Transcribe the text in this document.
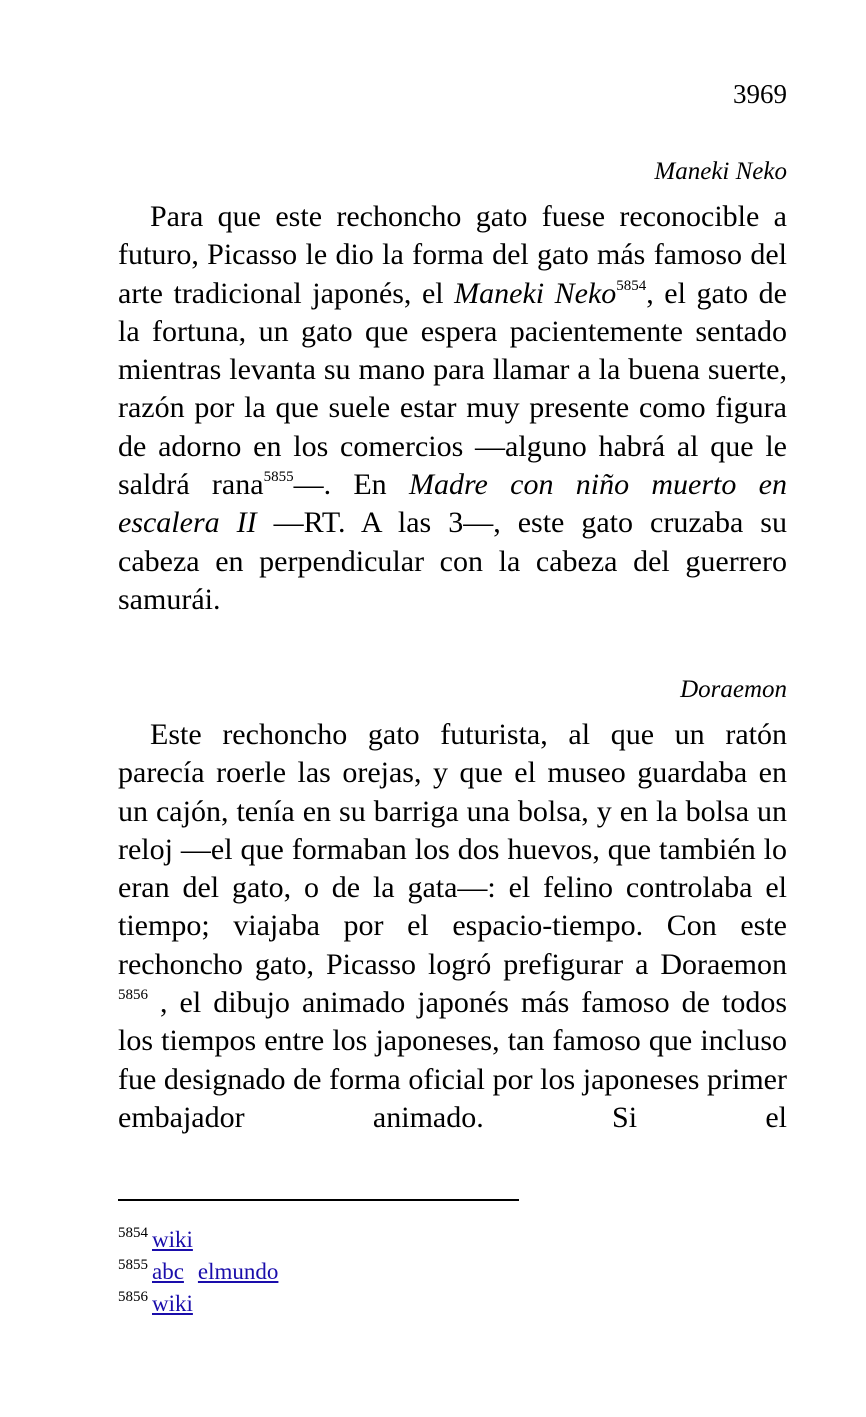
3969
Maneki Neko

Para que este rechoncho gato fuese reconocible a futuro, Picasso le dio la forma del gato más famoso del arte tradicional japonés, el Maneki Neko$^{5854}$, el gato de la fortuna, un gato que espera pacientemente sentado mientras levanta su mano para llamar a la buena suerte, razón por la que suele estar muy presente como figura de adorno en los comercios —alguno habrá al que le saldrá rana$^{5855}$—. En Madre con niño muerto en escalera II —RT. A las 3—, este gato cruzaba su cabeza en perpendicular con la cabeza del guerrero samurái.

Doraemon

Este rechoncho gato futurista, al que un ratón parecía roerle las orejas, y que el museo guardaba en un cajón, tenía en su barriga una bolsa, y en la bolsa un reloj —el que formaban los dos huevos, que también lo eran del gato, o de la gata—: el felino controlaba el tiempo; viajaba por el espacio-tiempo. Con este rechoncho gato, Picasso logró prefigurar a Doraemon $^{5856}$ , el dibujo animado japonés más famoso de todos los tiempos entre los japoneses, tan famoso que incluso fue designado de forma oficial por los japoneses primer embajador animado. Si el

$^{5854}$ wiki
$^{5855}$ abc elmundo
$^{5856}$ wiki
